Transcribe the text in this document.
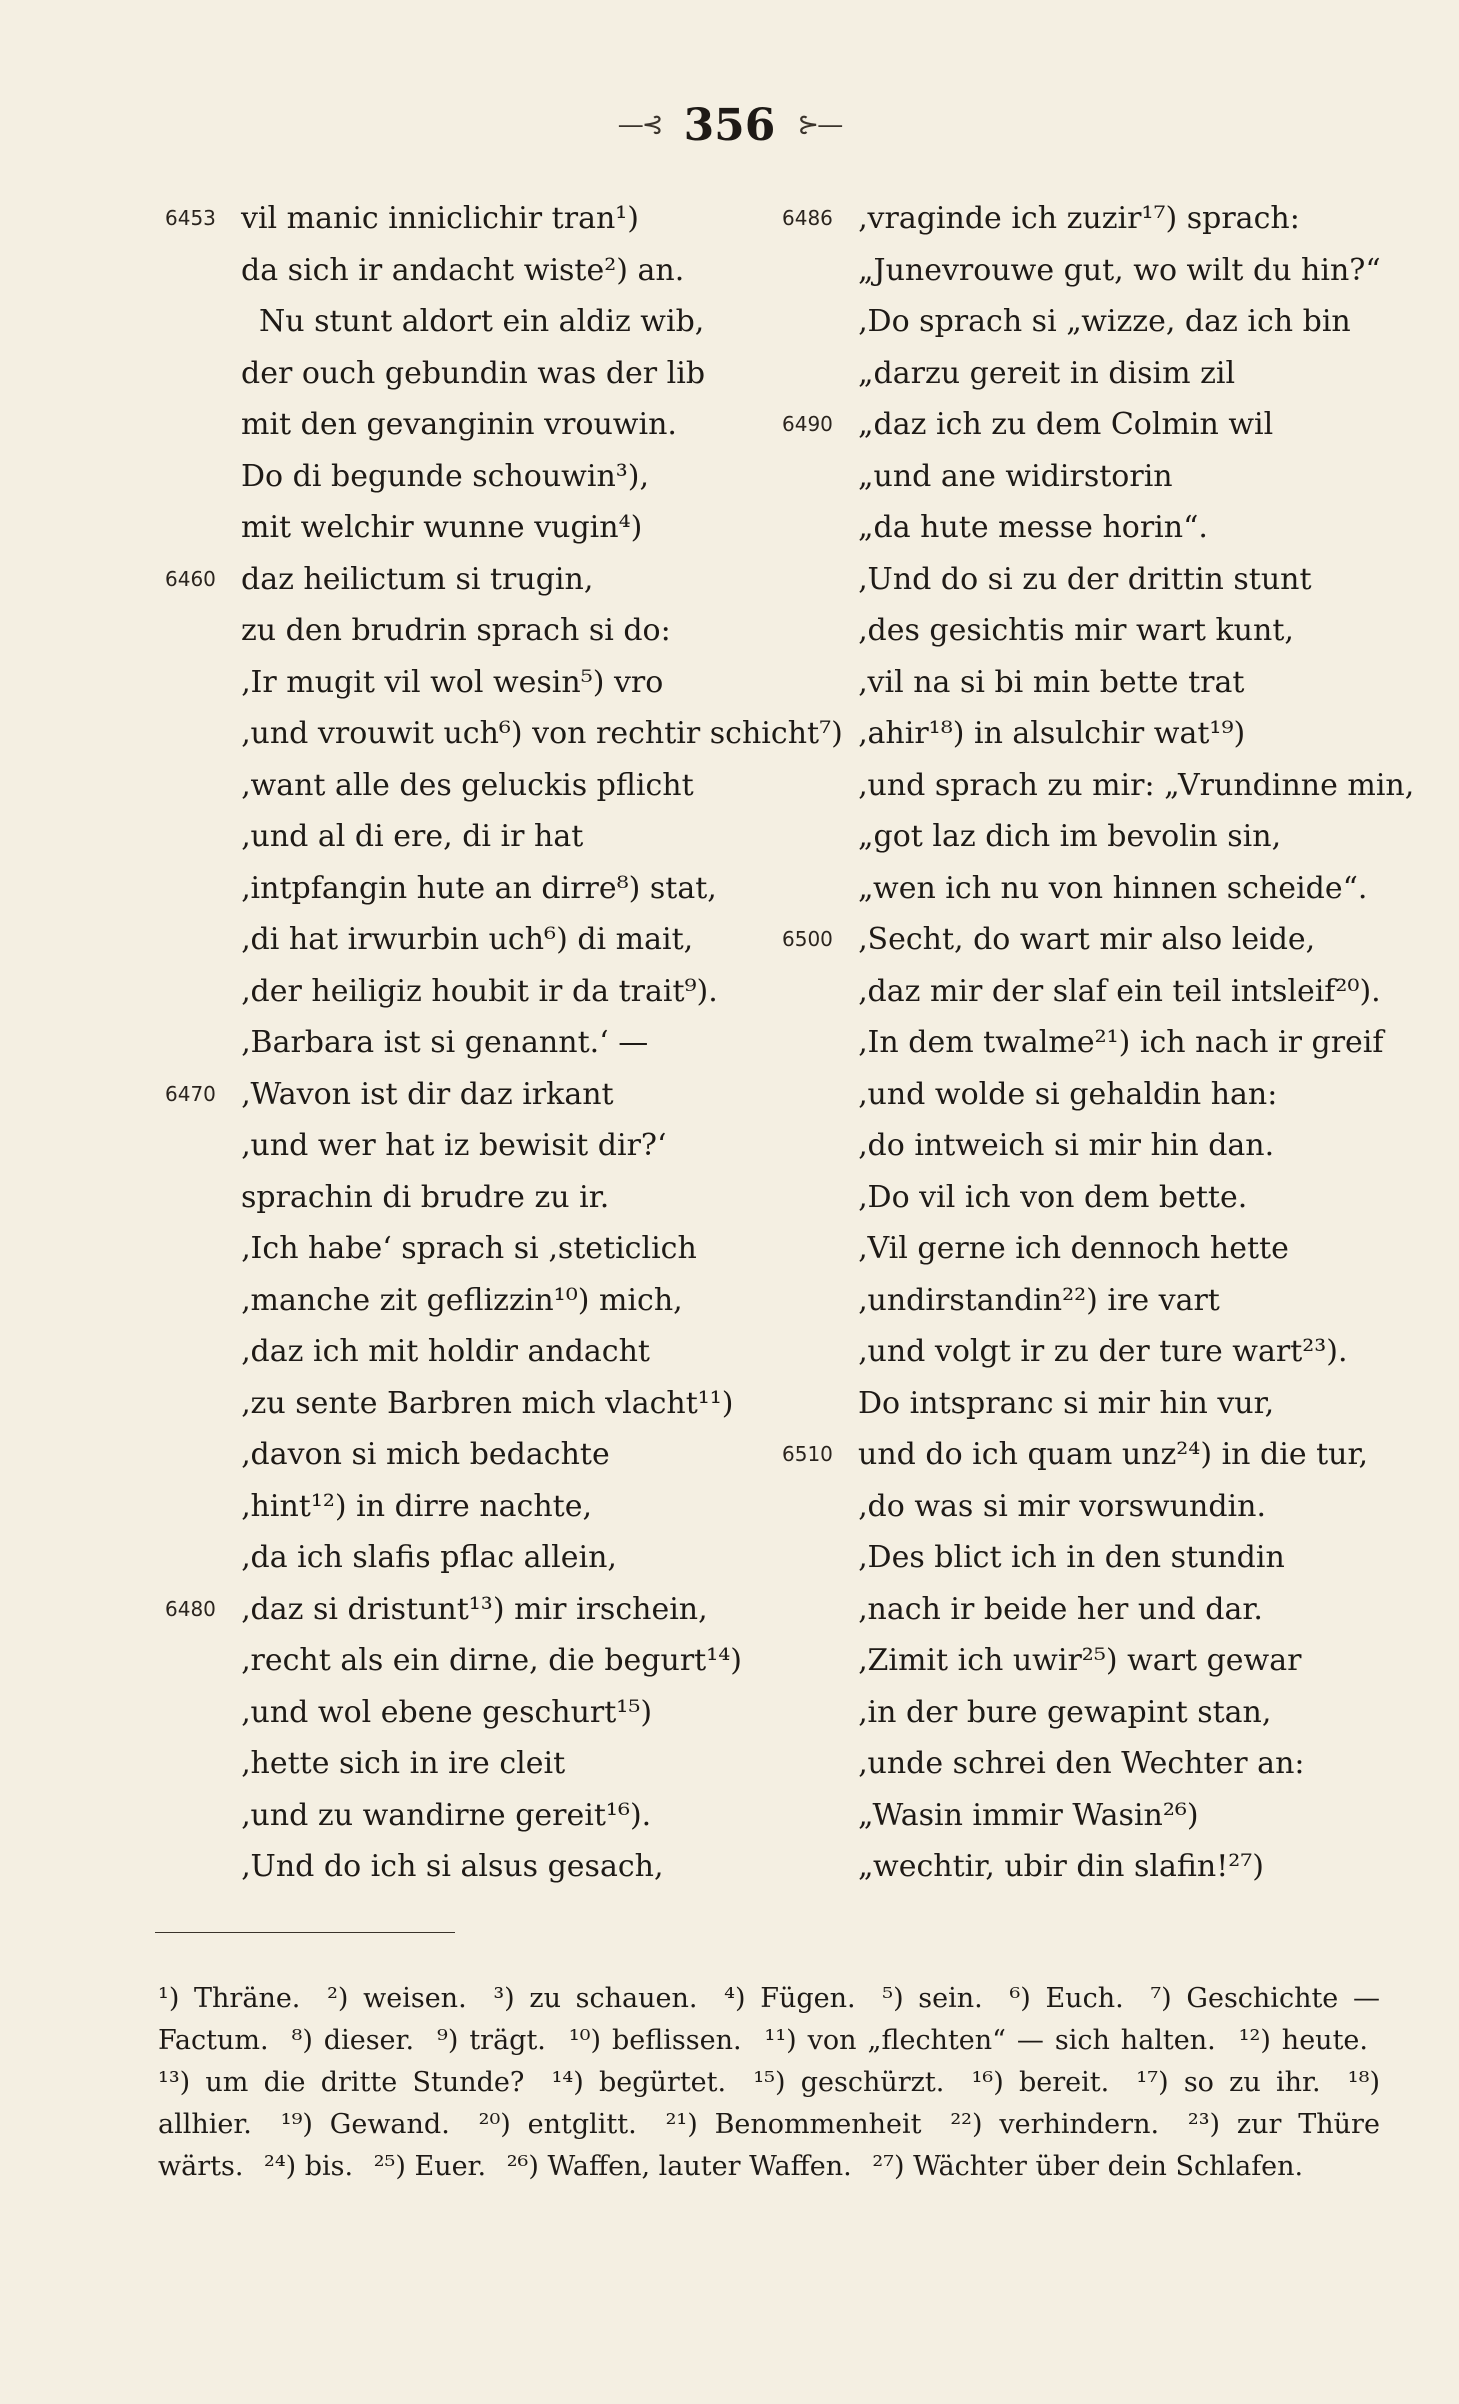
—⊰ 356 ⊱—
6453 vil manic inniclichir tran¹)
da sich ir andacht wiste²) an.
Nu stunt aldort ein aldiz wib,
der ouch gebundin was der lib
mit den gevanginin vrouwin.
Do di begunde schouwin³),
mit welchir wunne vugin⁴)
6460 daz heilictum si trugin,
zu den brudrin sprach si do:
‚Ir mugit vil wol wesin⁵) vro
‚und vrouwit uch⁶) von rechtir schicht⁷)
‚want alle des geluckis pflicht
‚und al di ere, di ir hat
‚intpfangin hute an dirre⁸) stat,
‚di hat irwurbin uch⁶) di mait,
‚der heiligiz houbit ir da trait⁹).
‚Barbara ist si genannt.‘ —
6470 ‚Wavon ist dir daz irkant
‚und wer hat iz bewisit dir?‘
sprachin di brudre zu ir.
‚Ich habe‘ sprach si ‚steticlich
‚manche zit geflizzin¹⁰) mich,
‚daz ich mit holdir andacht
‚zu sente Barbren mich vlacht¹¹)
‚davon si mich bedachte
‚hint¹²) in dirre nachte,
‚da ich slafis pflac allein,
6480 ‚daz si dristunt¹³) mir irschein,
‚recht als ein dirne, die begurt¹⁴)
‚und wol ebene geschurt¹⁵)
‚hette sich in ire cleit
‚und zu wandirne gereit¹⁶).
‚Und do ich si alsus gesach,
6486 ‚vraginde ich zuzir¹⁷) sprach:
„Junevrouwe gut, wo wilt du hin?“
‚Do sprach si „wizze, daz ich bin
„darzu gereit in disim zil
6490 „daz ich zu dem Colmin wil
„und ane widirstorin
„da hute messe horin“.
‚Und do si zu der drittin stunt
‚des gesichtis mir wart kunt,
‚vil na si bi min bette trat
‚ahir¹⁸) in alsulchir wat¹⁹)
‚und sprach zu mir: „Vrundinne min,
„got laz dich im bevolin sin,
„wen ich nu von hinnen scheide“.
6500 ‚Secht, do wart mir also leide,
‚daz mir der slaf ein teil intsleif²⁰).
‚In dem twalme²¹) ich nach ir greif
‚und wolde si gehaldin han:
‚do intweich si mir hin dan.
‚Do vil ich von dem bette.
‚Vil gerne ich dennoch hette
‚undirstandin²²) ire vart
‚und volgt ir zu der ture wart²³).
Do intspranc si mir hin vur,
6510 und do ich quam unz²⁴) in die tur,
‚do was si mir vorswundin.
‚Des blict ich in den stundin
‚nach ir beide her und dar.
‚Zimit ich uwir²⁵) wart gewar
‚in der bure gewapint stan,
‚unde schrei den Wechter an:
„Wasin immir Wasin²⁶)
„wechtir, ubir din slafin!²⁷)
¹) Thräne. ²) weisen. ³) zu schauen. ⁴) Fügen. ⁵) sein. ⁶) Euch. ⁷) Geschichte — Factum. ⁸) dieser. ⁹) trägt. ¹⁰) beflissen. ¹¹) von „flechten“ — sich halten. ¹²) heute. ¹³) um die dritte Stunde? ¹⁴) begürtet. ¹⁵) geschürzt. ¹⁶) bereit. ¹⁷) so zu ihr. ¹⁸) allhier. ¹⁹) Gewand. ²⁰) entglitt. ²¹) Benommenheit ²²) verhindern. ²³) zur Thüre wärts. ²⁴) bis. ²⁵) Euer. ²⁶) Waffen, lauter Waffen. ²⁷) Wächter über dein Schlafen.
